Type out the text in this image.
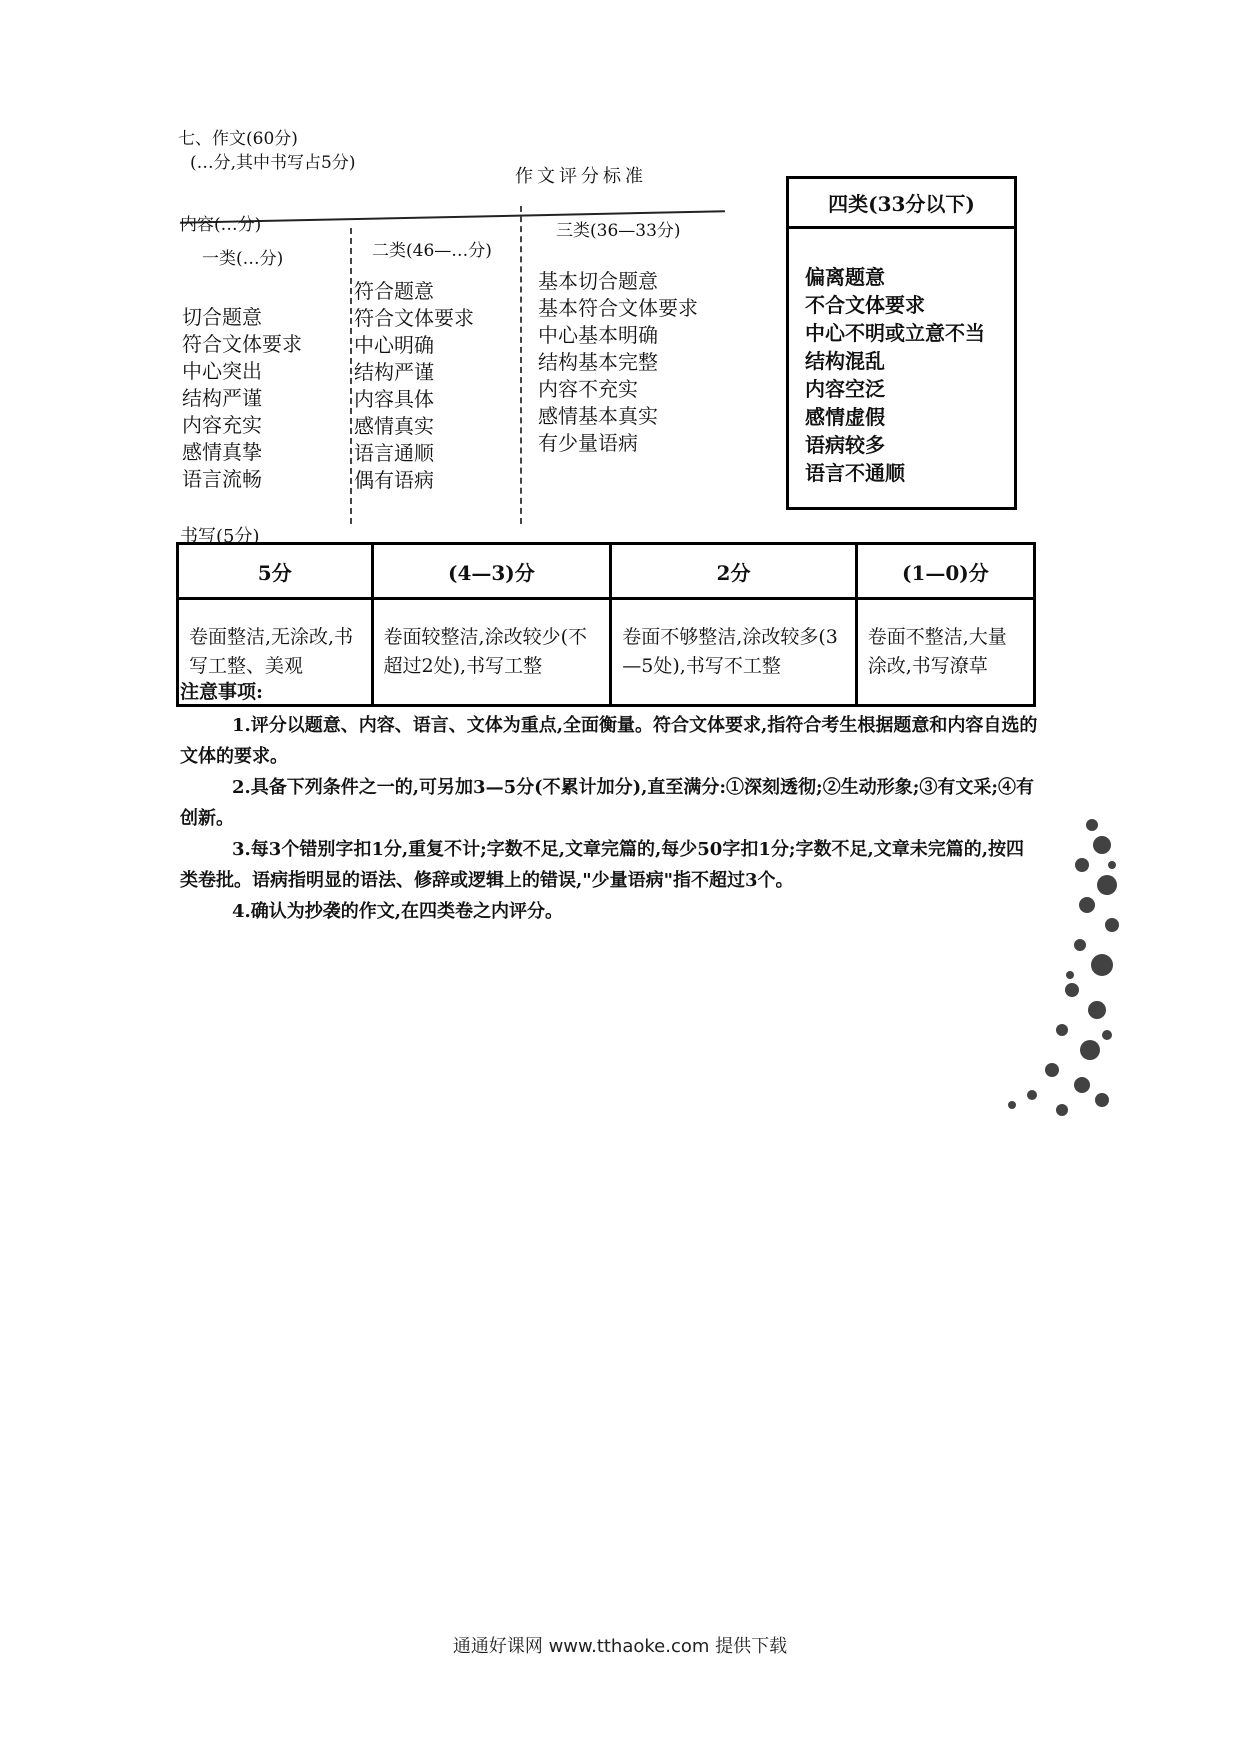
七、作文(60分)
(…分,其中书写占5分)
作文评分标准
内容(…分)
一类(…分)
切合题意
符合文体要求
中心突出
结构严谨
内容充实
感情真挚
语言流畅
二类(46—…分)
符合题意
符合文体要求
中心明确
结构严谨
内容具体
感情真实
语言通顺
偶有语病
三类(36—33分)
基本切合题意
基本符合文体要求
中心基本明确
结构基本完整
内容不充实
感情基本真实
有少量语病
四类(33分以下)
偏离题意
不合文体要求
中心不明或立意不当
结构混乱
内容空泛
感情虚假
语病较多
语言不通顺
书写(5分)
5分	(4—3)分	2分	(1—0)分
卷面整洁,无涂改,书写工整、美观	卷面较整洁,涂改较少(不超过2处),书写工整	卷面不够整洁,涂改较多(3—5处),书写不工整	卷面不整洁,大量涂改,书写潦草
注意事项:

1.评分以题意、内容、语言、文体为重点,全面衡量。符合文体要求,指符合考生根据题意和内容自选的文体的要求。

2.具备下列条件之一的,可另加3—5分(不累计加分),直至满分:①深刻透彻;②生动形象;③有文采;④有创新。

3.每3个错别字扣1分,重复不计;字数不足,文章完篇的,每少50字扣1分;字数不足,文章未完篇的,按四类卷批。语病指明显的语法、修辞或逻辑上的错误,"少量语病"指不超过3个。

4.确认为抄袭的作文,在四类卷之内评分。

通通好课网 www.tthaoke.com 提供下载
